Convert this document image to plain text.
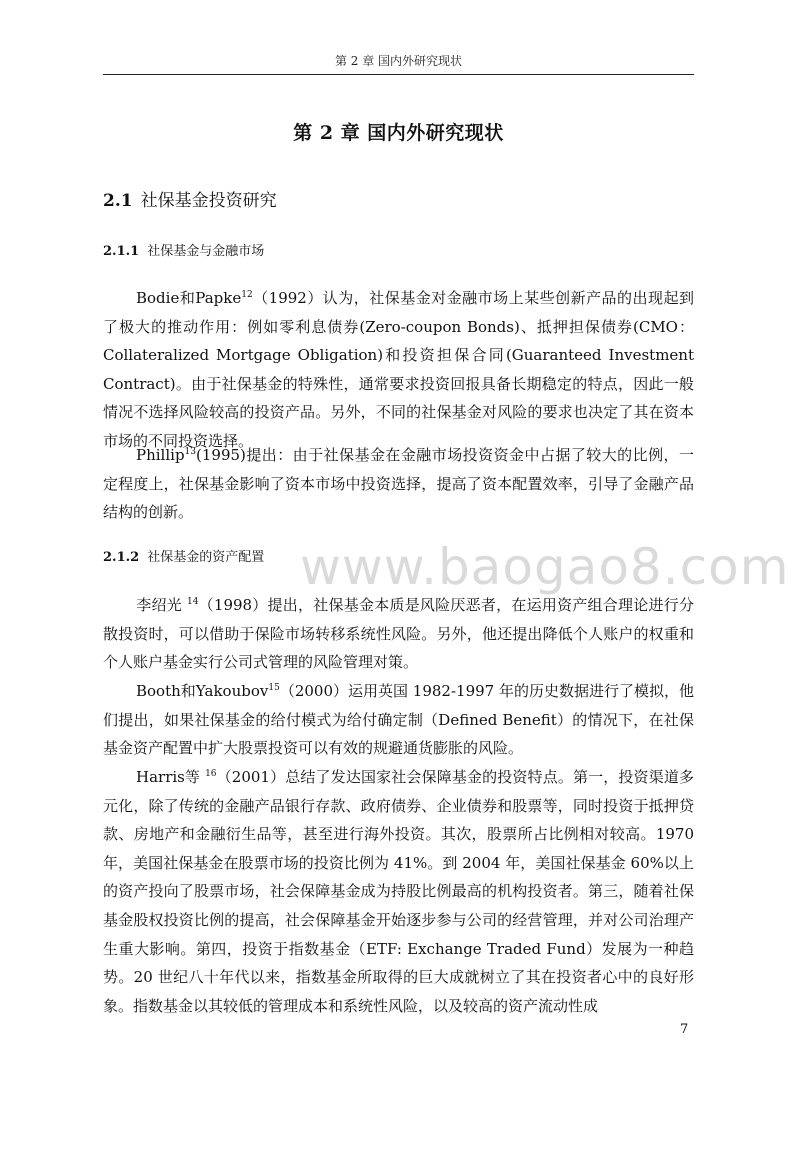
第 2 章 国内外研究现状
第 2 章 国内外研究现状
2.1 社保基金投资研究
2.1.1 社保基金与金融市场

Bodie和Papke$^{12}$（1992）认为，社保基金对金融市场上某些创新产品的出现起到了极大的推动作用：例如零利息债券(Zero-coupon Bonds)、抵押担保债券(CMO：Collateralized Mortgage Obligation)和投资担保合同(Guaranteed Investment Contract)。由于社保基金的特殊性，通常要求投资回报具备长期稳定的特点，因此一般情况不选择风险较高的投资产品。另外，不同的社保基金对风险的要求也决定了其在资本市场的不同投资选择。

Phillip$^{13}$(1995)提出：由于社保基金在金融市场投资资金中占据了较大的比例，一定程度上，社保基金影响了资本市场中投资选择，提高了资本配置效率，引导了金融产品结构的创新。

2.1.2 社保基金的资产配置

李绍光 $^{14}$（1998）提出，社保基金本质是风险厌恶者，在运用资产组合理论进行分散投资时，可以借助于保险市场转移系统性风险。另外，他还提出降低个人账户的权重和个人账户基金实行公司式管理的风险管理对策。

Booth和Yakoubov$^{15}$（2000）运用英国 1982-1997 年的历史数据进行了模拟，他们提出，如果社保基金的给付模式为给付确定制（Defined Benefit）的情况下，在社保基金资产配置中扩大股票投资可以有效的规避通货膨胀的风险。

Harris等 $^{16}$（2001）总结了发达国家社会保障基金的投资特点。第一，投资渠道多元化，除了传统的金融产品银行存款、政府债券、企业债券和股票等，同时投资于抵押贷款、房地产和金融衍生品等，甚至进行海外投资。其次，股票所占比例相对较高。1970 年，美国社保基金在股票市场的投资比例为 41%。到 2004 年，美国社保基金 60%以上的资产投向了股票市场，社会保障基金成为持股比例最高的机构投资者。第三，随着社保基金股权投资比例的提高，社会保障基金开始逐步参与公司的经营管理，并对公司治理产生重大影响。第四，投资于指数基金（ETF: Exchange Traded Fund）发展为一种趋势。20 世纪八十年代以来，指数基金所取得的巨大成就树立了其在投资者心中的良好形象。指数基金以其较低的管理成本和系统性风险，以及较高的资产流动性成

www.baogao8.com
7
